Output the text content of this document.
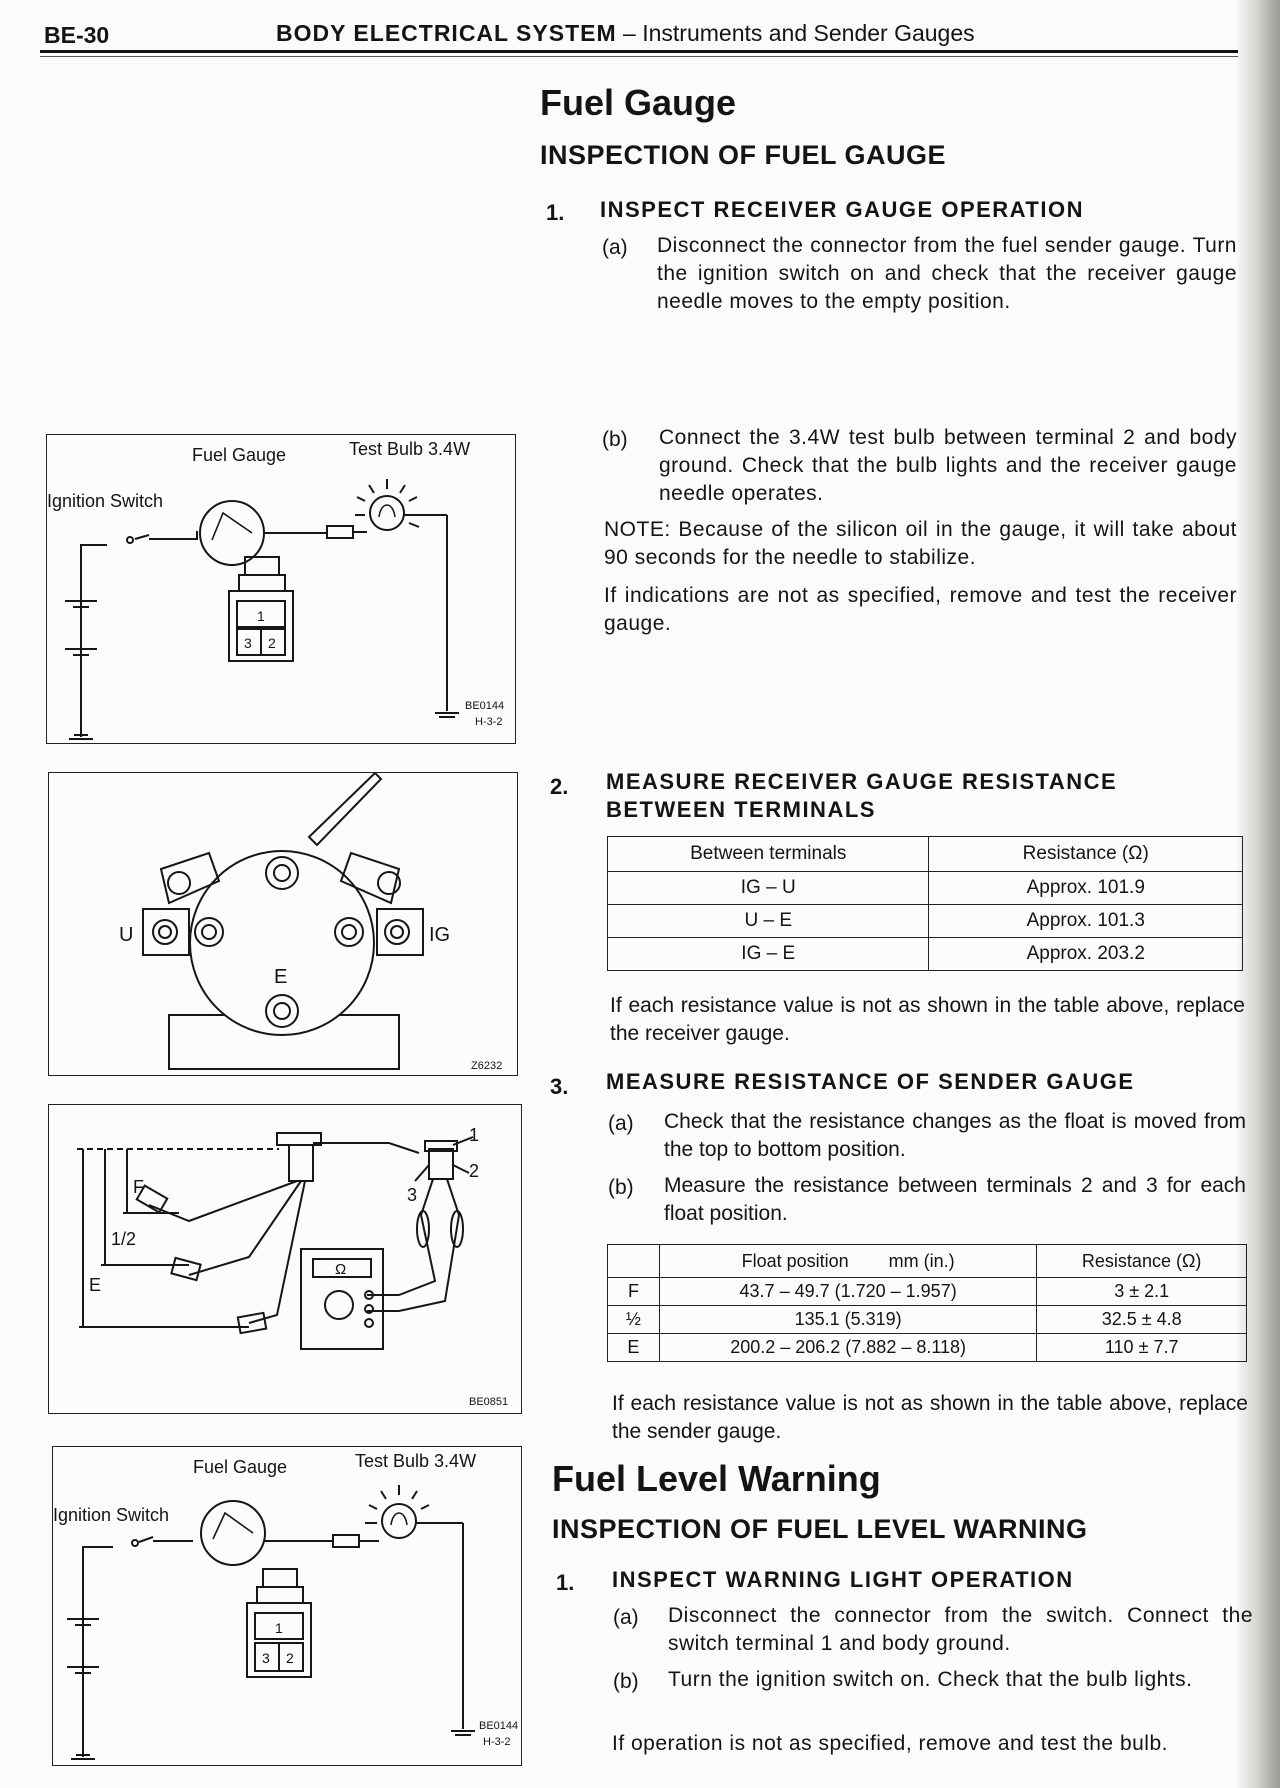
BE-30	BODY ELECTRICAL SYSTEM – Instruments and Sender Gauges
Fuel Gauge
INSPECTION OF FUEL GAUGE
1. INSPECT RECEIVER GAUGE OPERATION
(a) Disconnect the connector from the fuel sender gauge. Turn the ignition switch on and check that the receiver gauge needle moves to the empty position.
(b) Connect the 3.4W test bulb between terminal 2 and body ground. Check that the bulb lights and the receiver gauge needle operates.
NOTE: Because of the silicon oil in the gauge, it will take about 90 seconds for the needle to stabilize.
If indications are not as specified, remove and test the receiver gauge.
2. MEASURE RECEIVER GAUGE RESISTANCE BETWEEN TERMINALS
Between terminals	Resistance (Ω)
IG – U	Approx. 101.9
U – E	Approx. 101.3
IG – E	Approx. 203.2
If each resistance value is not as shown in the table above, replace the receiver gauge.
3. MEASURE RESISTANCE OF SENDER GAUGE
(a) Check that the resistance changes as the float is moved from the top to bottom position.
(b) Measure the resistance between terminals 2 and 3 for each float position.
	Float position        mm (in.)	Resistance (Ω)
F	43.7 – 49.7 (1.720 – 1.957)	3 ± 2.1
½	135.1 (5.319)	32.5 ± 4.8
E	200.2 – 206.2 (7.882 – 8.118)	110 ± 7.7
If each resistance value is not as shown in the table above, replace the sender gauge.
Fuel Level Warning
INSPECTION OF FUEL LEVEL WARNING
1. INSPECT WARNING LIGHT OPERATION
(a) Disconnect the connector from the switch. Connect the switch terminal 1 and body ground.
(b) Turn the ignition switch on. Check that the bulb lights.
If operation is not as specified, remove and test the bulb.
Fuel Gauge	Test Bulb 3.4W
Ignition Switch
1
3 2
BE0144
H-3-2
U	IG
E
Z6232
F
1/2
E
1
2
3
Ω
BE0851
Fuel Gauge	Test Bulb 3.4W
Ignition Switch
1
3 2
BE0144
H-3-2
